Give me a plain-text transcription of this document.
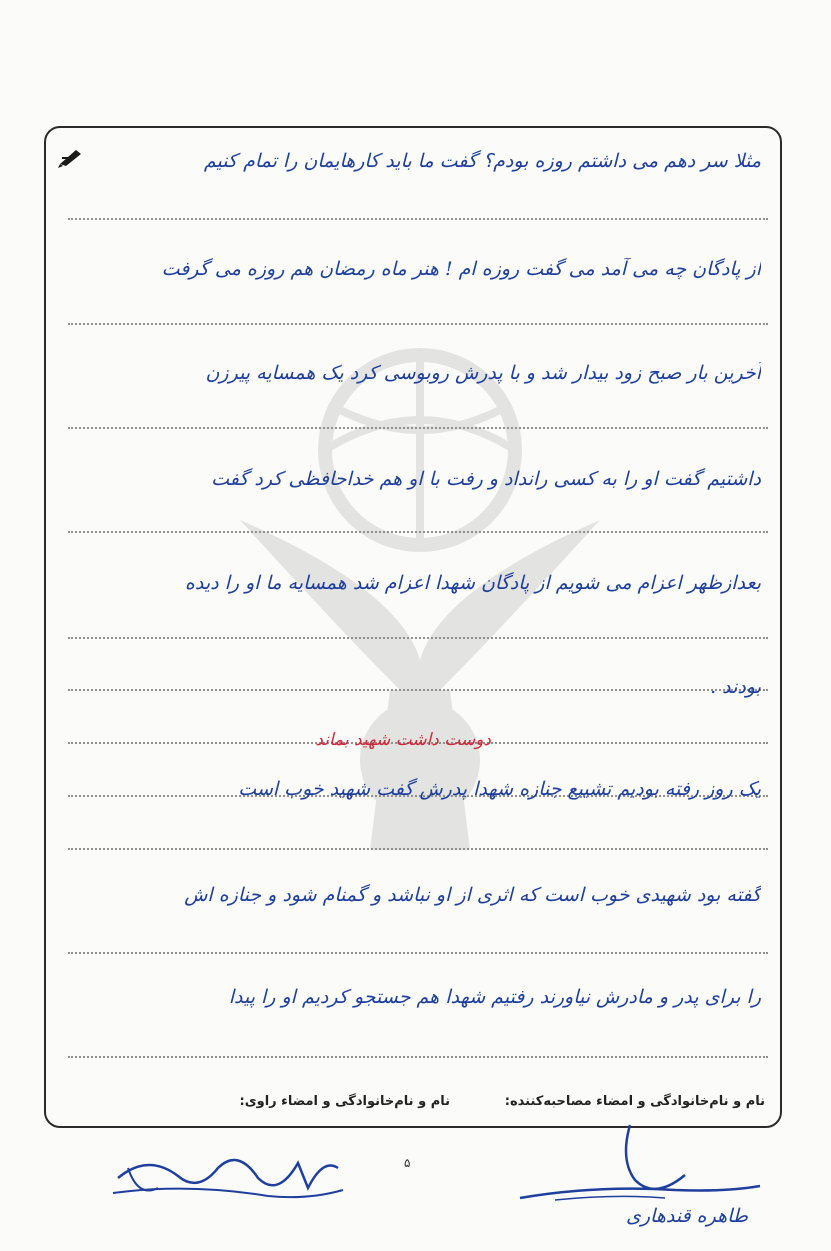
مثلا سر دهم می داشتم روزه بودم؟ گفت ما باید کارهایمان را تمام کنیم
از پادگان چه می آمد می گفت روزه ام ! هنر ماه رمضان هم روزه می گرفت
آخرین بار صبح زود بیدار شد و با پدرش روبوسی کرد یک همسایه پیرزن
داشتیم گفت او را به کسی رانداد و رفت با او هم خداحافظی کرد گفت
بعدازظهر اعزام می شویم از پادگان شهدا اعزام شد همسایه ما او را دیده
بودند .
دوست داشت شهید بماند
یک روز رفته بودیم تشییع جنازه شهدا پدرش گفت شهید خوب است
گفته بود شهیدی خوب است که اثری از او نباشد و گمنام شود و جنازه اش
را برای پدر و مادرش نیاورند رفتیم شهدا هم جستجو کردیم او را پیدا
نام و نام‌خانوادگی و امضاء مصاحبه‌کننده:
نام و نام‌خانوادگی و امضاء راوی:
۵
طاهره قندهاری
